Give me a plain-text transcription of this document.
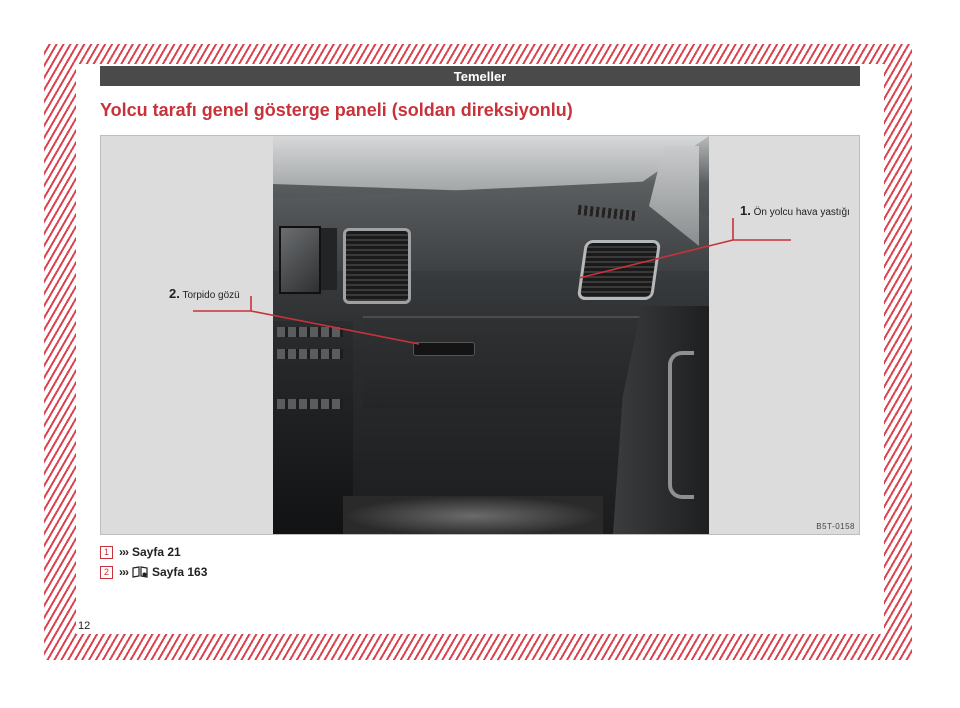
Temeller
Yolcu tarafı genel gösterge paneli (soldan direksiyonlu)
1. Ön yolcu hava yastığı
2. Torpido gözü
B5T-0158
1 ››› Sayfa 21
2 ››› Sayfa 163
12
